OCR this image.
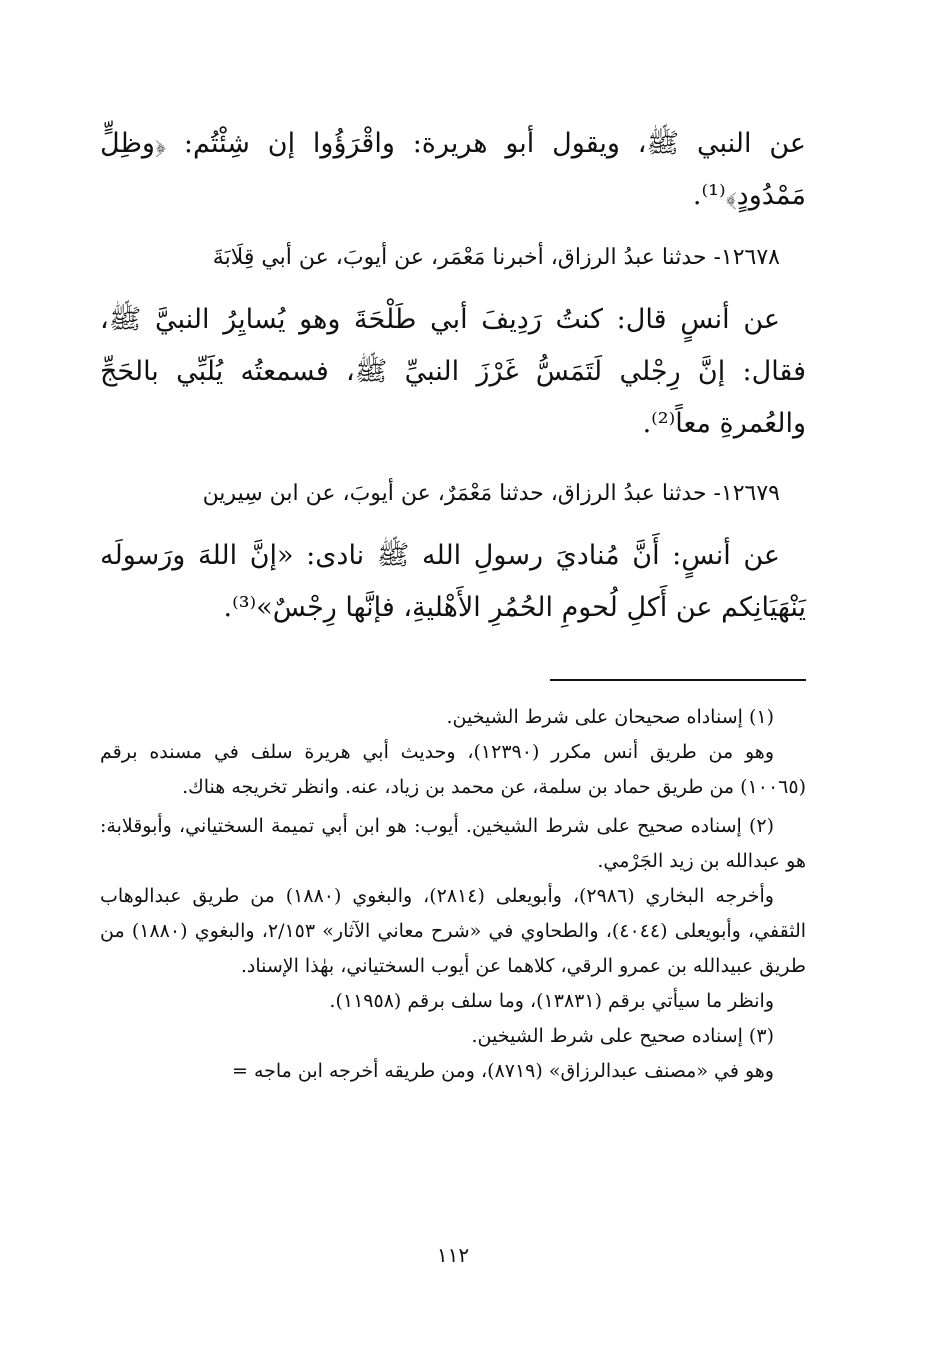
عن النبي ﷺ، ويقول أبو هريرة: واقْرَؤُوا إن شِئْتُم: ﴿وظِلٍّ مَمْدُودٍ﴾⁽¹⁾.

١٢٦٧٨- حدثنا عبدُ الرزاق، أخبرنا مَعْمَر، عن أيوبَ، عن أبي قِلَابَةَ

عن أنسٍ قال: كنتُ رَدِيفَ أبي طَلْحَةَ وهو يُسايِرُ النبيَّ ﷺ، فقال: إنَّ رِجْلي لَتَمَسُّ غَرْزَ النبيِّ ﷺ، فسمعتُه يُلَبِّي بالحَجِّ والعُمرةِ معاً⁽²⁾.

١٢٦٧٩- حدثنا عبدُ الرزاق، حدثنا مَعْمَرٌ، عن أيوبَ، عن ابن سِيرين

عن أنسٍ: أَنَّ مُناديَ رسولِ الله ﷺ نادى: «إنَّ اللهَ ورَسولَه يَنْهَيَانِكم عن أَكلِ لُحومِ الحُمُرِ الأَهْليةِ، فإنَّها رِجْسٌ»⁽³⁾.

(١) إسناداه صحيحان على شرط الشيخين.

وهو من طريق أنس مكرر (١٢٣٩٠)، وحديث أبي هريرة سلف في مسنده برقم (١٠٠٦٥) من طريق حماد بن سلمة، عن محمد بن زياد، عنه. وانظر تخريجه هناك.

(٢) إسناده صحيح على شرط الشيخين. أيوب: هو ابن أبي تميمة السختياني، وأبوقلابة: هو عبدالله بن زيد الجَرْمي.

وأخرجه البخاري (٢٩٨٦)، وأبويعلى (٢٨١٤)، والبغوي (١٨٨٠) من طريق عبدالوهاب الثقفي، وأبويعلى (٤٠٤٤)، والطحاوي في «شرح معاني الآثار» ٢/١٥٣، والبغوي (١٨٨٠) من طريق عبيدالله بن عمرو الرقي، كلاهما عن أيوب السختياني، بهٰذا الإسناد.

وانظر ما سيأتي برقم (١٣٨٣١)، وما سلف برقم (١١٩٥٨).

(٣) إسناده صحيح على شرط الشيخين.

وهو في «مصنف عبدالرزاق» (٨٧١٩)، ومن طريقه أخرجه ابن ماجه =

١١٢
